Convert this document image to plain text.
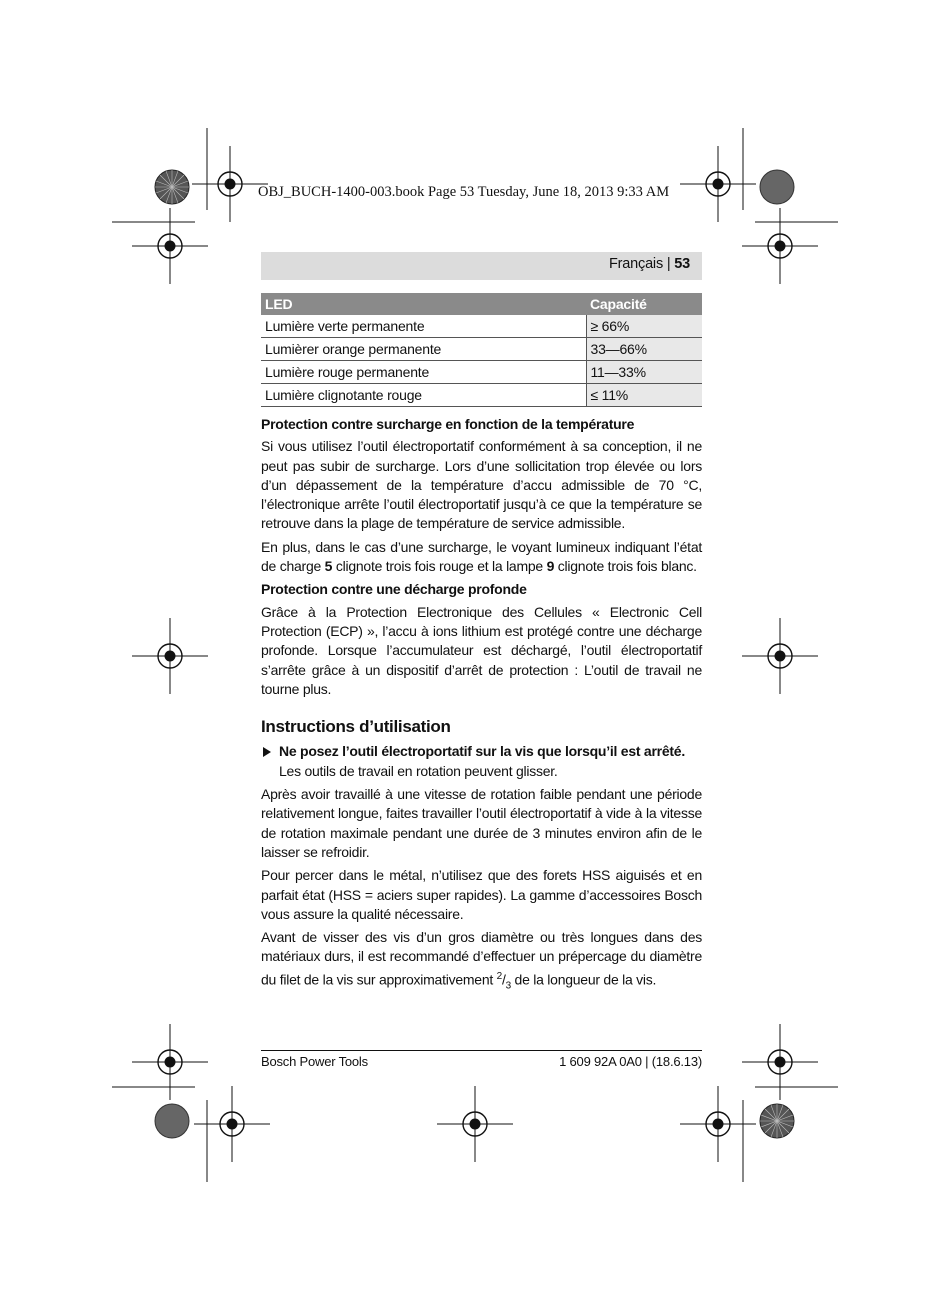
OBJ_BUCH-1400-003.book Page 53 Tuesday, June 18, 2013 9:33 AM
Français | 53
LED	Capacité
Lumière verte permanente	≥ 66%
Lumièrer orange permanente	33—66%
Lumière rouge permanente	11—33%
Lumière clignotante rouge	≤ 11%
Protection contre surcharge en fonction de la température

Si vous utilisez l’outil électroportatif conformément à sa conception, il ne peut pas subir de surcharge. Lors d’une sollicitation trop élevée ou lors d’un dépassement de la température d’accu admissible de 70 °C, l’électronique arrête l’outil électroportatif jusqu’à ce que la température se retrouve dans la plage de température de service admissible.

En plus, dans le cas d’une surcharge, le voyant lumineux indiquant l’état de charge 5 clignote trois fois rouge et la lampe 9 clignote trois fois blanc.

Protection contre une décharge profonde

Grâce à la Protection Electronique des Cellules « Electronic Cell Protection (ECP) », l’accu à ions lithium est protégé contre une décharge profonde. Lorsque l’accumulateur est déchargé, l’outil électroportatif s’arrête grâce à un dispositif d’arrêt de protection : L’outil de travail ne tourne plus.

Instructions d’utilisation
Ne posez l’outil électroportatif sur la vis que lorsqu’il est arrêté.
Les outils de travail en rotation peuvent glisser.

Après avoir travaillé à une vitesse de rotation faible pendant une période relativement longue, faites travailler l’outil électroportatif à vide à la vitesse de rotation maximale pendant une durée de 3 minutes environ afin de le laisser se refroidir.

Pour percer dans le métal, n’utilisez que des forets HSS aiguisés et en parfait état (HSS = aciers super rapides). La gamme d’accessoires Bosch vous assure la qualité nécessaire.

Avant de visser des vis d’un gros diamètre ou très longues dans des matériaux durs, il est recommandé d’effectuer un prépercage du diamètre du filet de la vis sur approximativement $^2/_3$ de la longueur de la vis.

Bosch Power Tools	1 609 92A 0A0 | (18.6.13)
